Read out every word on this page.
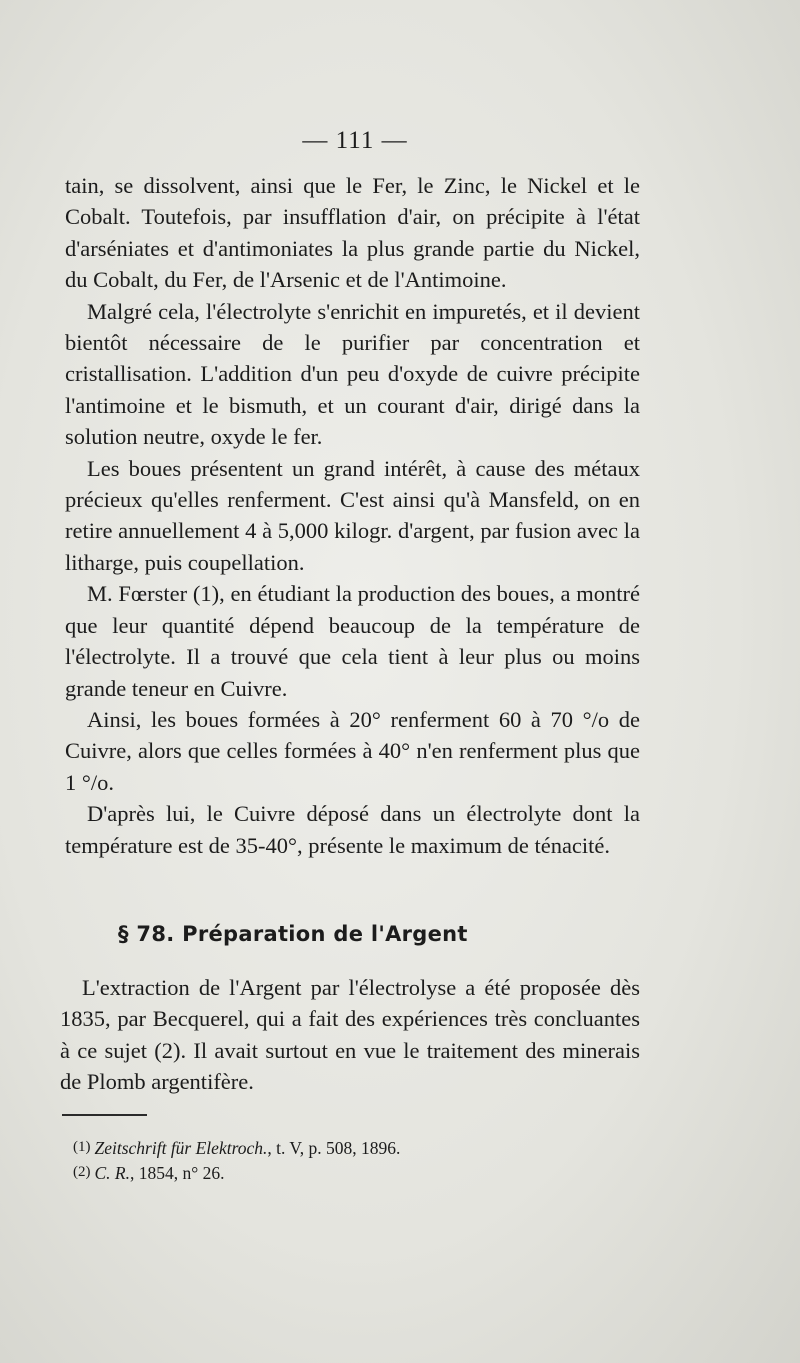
— 111 —

tain, se dissolvent, ainsi que le Fer, le Zinc, le Nickel et le Cobalt. Toutefois, par insufflation d'air, on précipite à l'état d'arséniates et d'antimoniates la plus grande partie du Nickel, du Cobalt, du Fer, de l'Arsenic et de l'Antimoine.

Malgré cela, l'électrolyte s'enrichit en impuretés, et il devient bientôt nécessaire de le purifier par concentration et cristallisation. L'addition d'un peu d'oxyde de cuivre précipite l'antimoine et le bismuth, et un courant d'air, dirigé dans la solution neutre, oxyde le fer.

Les boues présentent un grand intérêt, à cause des métaux précieux qu'elles renferment. C'est ainsi qu'à Mansfeld, on en retire annuellement 4 à 5,000 kilogr. d'argent, par fusion avec la litharge, puis coupellation.

M. Fœrster (1), en étudiant la production des boues, a montré que leur quantité dépend beaucoup de la température de l'électrolyte. Il a trouvé que cela tient à leur plus ou moins grande teneur en Cuivre.

Ainsi, les boues formées à 20° renferment 60 à 70 °/o de Cuivre, alors que celles formées à 40° n'en renferment plus que 1 °/o.

D'après lui, le Cuivre déposé dans un électrolyte dont la température est de 35-40°, présente le maximum de ténacité.

§ 78. Préparation de l'Argent

L'extraction de l'Argent par l'électrolyse a été proposée dès 1835, par Becquerel, qui a fait des expériences très concluantes à ce sujet (2). Il avait surtout en vue le traitement des minerais de Plomb argentifère.

(1) Zeitschrift für Elektroch., t. V, p. 508, 1896.
(2) C. R., 1854, n° 26.
